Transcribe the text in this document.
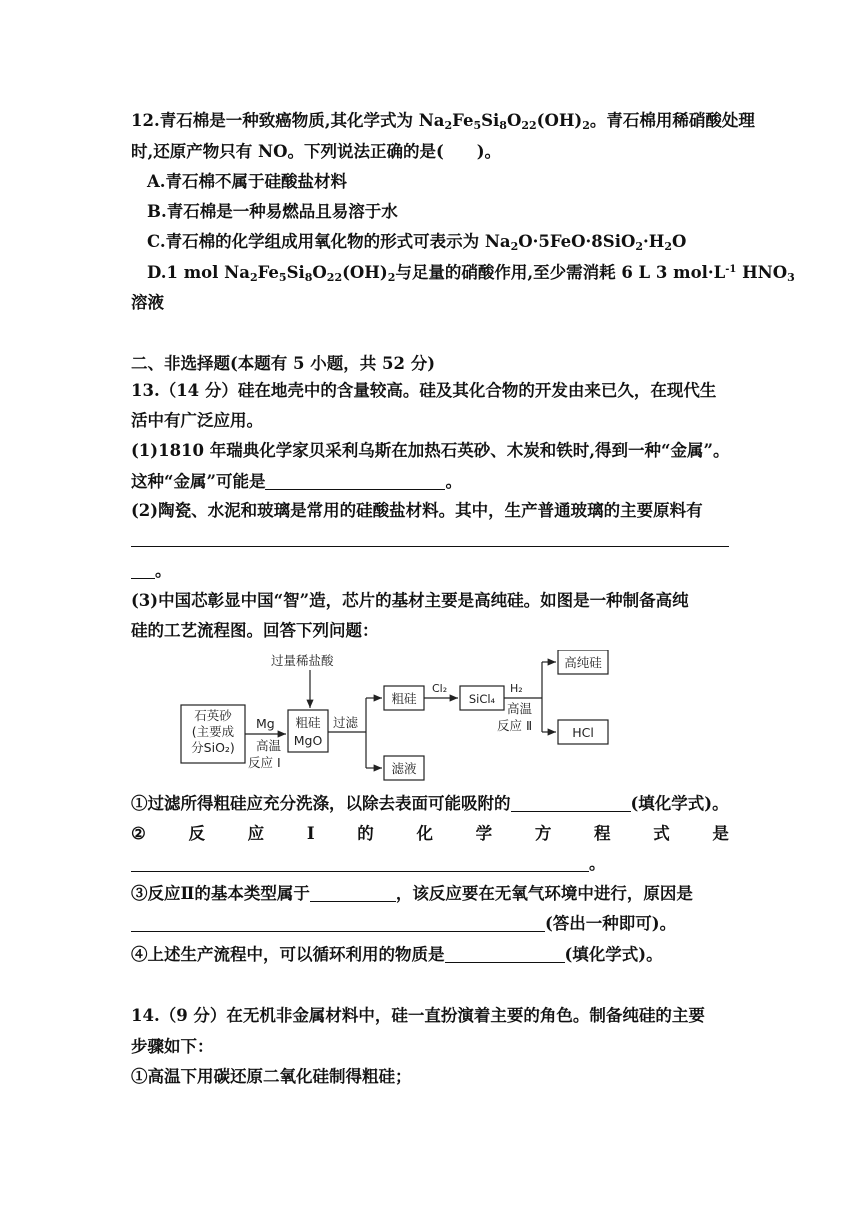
12.青石棉是一种致癌物质,其化学式为 $Na_2Fe_5Si_8O_{22}(OH)_2$。青石棉用稀硝酸处理
时,还原产物只有 NO。下列说法正确的是(　　)。
A.青石棉不属于硅酸盐材料
B.青石棉是一种易燃品且易溶于水
C.青石棉的化学组成用氧化物的形式可表示为 $Na_2O\cdot 5FeO\cdot 8SiO_2\cdot H_2O$
D.1 mol $Na_2Fe_5Si_8O_{22}(OH)_2$与足量的硝酸作用,至少需消耗 6 L 3 $mol\cdot L^{-1}$ $HNO_3$
溶液
二、非选择题(本题有 5 小题，共 52 分)
13.（14 分）硅在地壳中的含量较高。硅及其化合物的开发由来已久，在现代生
活中有广泛应用。
(1)1810 年瑞典化学家贝采利乌斯在加热石英砂、木炭和铁时,得到一种“金属”。
这种“金属”可能是	。
(2)陶瓷、水泥和玻璃是常用的硅酸盐材料。其中，生产普通玻璃的主要原料有
。
(3)中国芯彰显中国“智”造，芯片的基材主要是高纯硅。如图是一种制备高纯
硅的工艺流程图。回答下列问题：
过量稀盐酸
石英砂
(主要成
分SiO₂)
Mg
高温
反应 Ⅰ
粗硅
MgO
过滤
粗硅
Cl₂
SiCl₄
H₂
高温
反应 Ⅱ
高纯硅
HCl
滤液
①过滤所得粗硅应充分洗涤，以除去表面可能吸附的	(填化学式)。
②	反	应	Ⅰ	的	化	学	方	程	式	是
。
③反应Ⅱ的基本类型属于	，该反应要在无氧气环境中进行，原因是
(答出一种即可)。
④上述生产流程中，可以循环利用的物质是	(填化学式)。
14.（9 分）在无机非金属材料中，硅一直扮演着主要的角色。制备纯硅的主要
步骤如下：
①高温下用碳还原二氧化硅制得粗硅；
